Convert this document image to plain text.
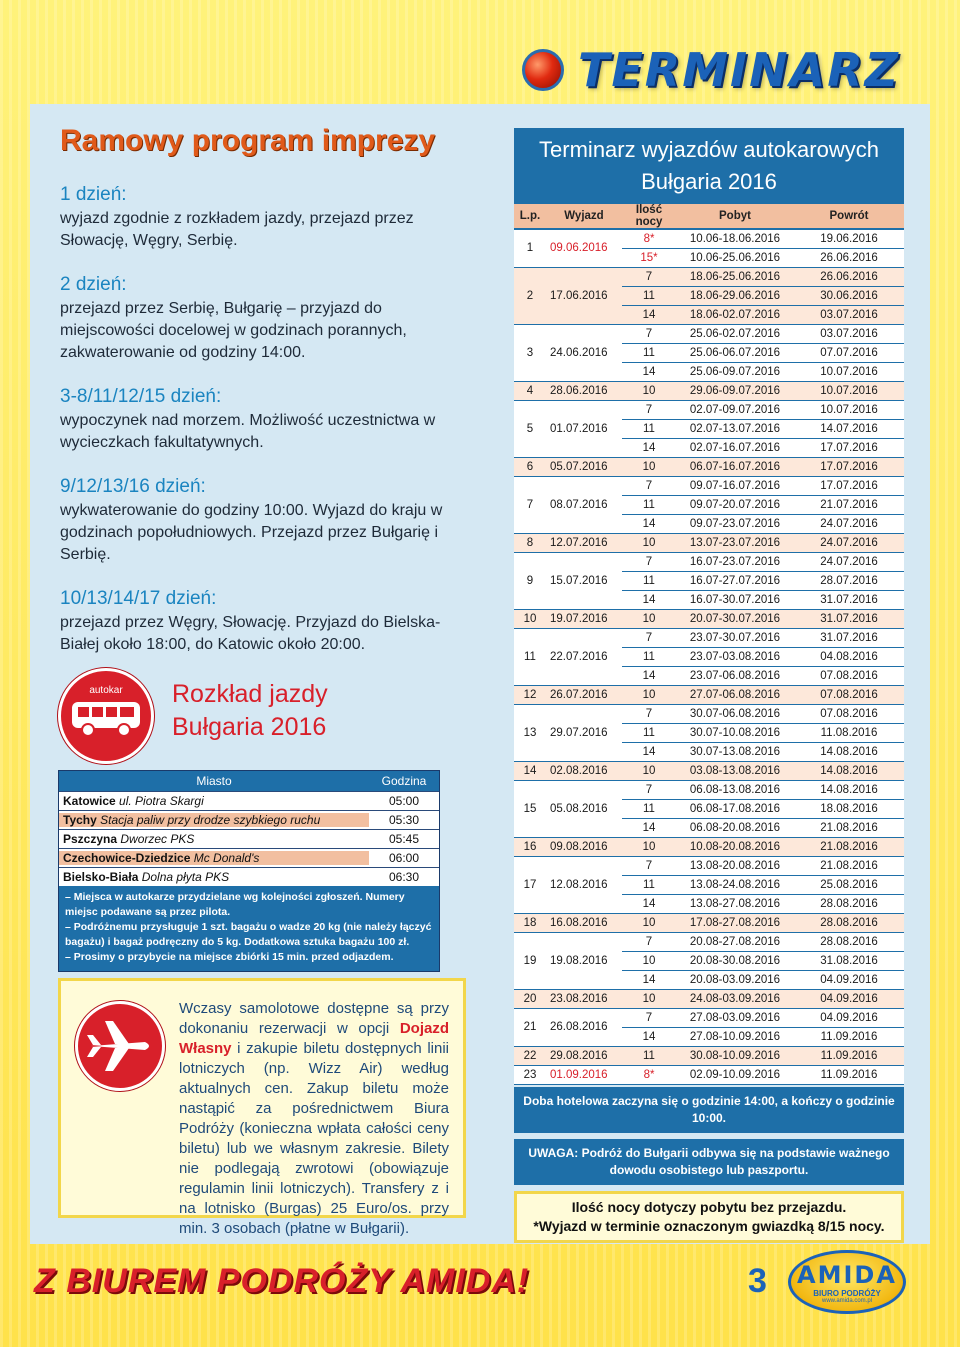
TERMINARZ
Ramowy program imprezy
1 dzień:
wyjazd zgodnie z rozkładem jazdy, przejazd przez Słowację, Węgry, Serbię.
2 dzień:
przejazd przez Serbię, Bułgarię – przyjazd do miejscowości docelowej w godzinach porannych, zakwaterowanie od godziny 14:00.
3-8/11/12/15 dzień:
wypoczynek nad morzem. Możliwość uczestnictwa w wycieczkach fakultatywnych.
9/12/13/16 dzień:
wykwaterowanie do godziny 10:00. Wyjazd do kraju w godzinach popołudniowych. Przejazd przez Bułgarię i Serbię.
10/13/14/17 dzień:
przejazd przez Węgry, Słowację. Przyjazd do Bielska-Białej około 18:00, do Katowic około 20:00.
autokar	Rozkład jazdy
Bułgaria 2016
Miasto	Godzina
Katowice ul. Piotra Skargi	05:00
Tychy Stacja paliw przy drodze szybkiego ruchu	05:30
Pszczyna Dworzec PKS	05:45
Czechowice-Dziedzice Mc Donald's	06:00
Bielsko-Biała Dolna płyta PKS	06:30
– Miejsca w autokarze przydzielane wg kolejności zgłoszeń. Numery miejsc podawane są przez pilota.
– Podróżnemu przysługuje 1 szt. bagażu o wadze 20 kg (nie należy łączyć bagażu) i bagaż podręczny do 5 kg. Dodatkowa sztuka bagażu 100 zł.
– Prosimy o przybycie na miejsce zbiórki 15 min. przed odjazdem.
Wczasy samolotowe dostępne są przy dokonaniu rezerwacji w opcji Dojazd Własny i zakupie biletu dostępnych linii lotniczych (np. Wizz Air) według aktualnych cen. Zakup biletu może nastąpić za pośrednictwem Biura Podróży (konieczna wpłata całości ceny biletu) lub we własnym zakresie. Bilety nie podlegają zwrotowi (obowiązuje regulamin linii lotniczych). Transfery z i na lotnisko (Burgas) 25 Euro/os. przy min. 3 osobach (płatne w Bułgarii).
Terminarz wyjazdów autokarowych
Bułgaria 2016
L.p.	Wyjazd	Ilość nocy	Pobyt	Powrót
1	09.06.2016	8*	10.06-18.06.2016	19.06.2016
		15*	10.06-25.06.2016	26.06.2016
2	17.06.2016	7	18.06-25.06.2016	26.06.2016
		11	18.06-29.06.2016	30.06.2016
		14	18.06-02.07.2016	03.07.2016
3	24.06.2016	7	25.06-02.07.2016	03.07.2016
		11	25.06-06.07.2016	07.07.2016
		14	25.06-09.07.2016	10.07.2016
4	28.06.2016	10	29.06-09.07.2016	10.07.2016
5	01.07.2016	7	02.07-09.07.2016	10.07.2016
		11	02.07-13.07.2016	14.07.2016
		14	02.07-16.07.2016	17.07.2016
6	05.07.2016	10	06.07-16.07.2016	17.07.2016
7	08.07.2016	7	09.07-16.07.2016	17.07.2016
		11	09.07-20.07.2016	21.07.2016
		14	09.07-23.07.2016	24.07.2016
8	12.07.2016	10	13.07-23.07.2016	24.07.2016
9	15.07.2016	7	16.07-23.07.2016	24.07.2016
		11	16.07-27.07.2016	28.07.2016
		14	16.07-30.07.2016	31.07.2016
10	19.07.2016	10	20.07-30.07.2016	31.07.2016
11	22.07.2016	7	23.07-30.07.2016	31.07.2016
		11	23.07-03.08.2016	04.08.2016
		14	23.07-06.08.2016	07.08.2016
12	26.07.2016	10	27.07-06.08.2016	07.08.2016
13	29.07.2016	7	30.07-06.08.2016	07.08.2016
		11	30.07-10.08.2016	11.08.2016
		14	30.07-13.08.2016	14.08.2016
14	02.08.2016	10	03.08-13.08.2016	14.08.2016
15	05.08.2016	7	06.08-13.08.2016	14.08.2016
		11	06.08-17.08.2016	18.08.2016
		14	06.08-20.08.2016	21.08.2016
16	09.08.2016	10	10.08-20.08.2016	21.08.2016
17	12.08.2016	7	13.08-20.08.2016	21.08.2016
		11	13.08-24.08.2016	25.08.2016
		14	13.08-27.08.2016	28.08.2016
18	16.08.2016	10	17.08-27.08.2016	28.08.2016
19	19.08.2016	7	20.08-27.08.2016	28.08.2016
		10	20.08-30.08.2016	31.08.2016
		14	20.08-03.09.2016	04.09.2016
20	23.08.2016	10	24.08-03.09.2016	04.09.2016
21	26.08.2016	7	27.08-03.09.2016	04.09.2016
		14	27.08-10.09.2016	11.09.2016
22	29.08.2016	11	30.08-10.09.2016	11.09.2016
23	01.09.2016	8*	02.09-10.09.2016	11.09.2016
Doba hotelowa zaczyna się o godzinie 14:00, a kończy o godzinie 10:00.
UWAGA: Podróż do Bułgarii odbywa się na podstawie ważnego dowodu osobistego lub paszportu.
Ilość nocy dotyczy pobytu bez przejazdu.
*Wyjazd w terminie oznaczonym gwiazdką 8/15 nocy.
Z BIUREM PODRÓŻY AMIDA!	3 AMIDA
BIURO PODRÓŻY
www.amida.com.pl
